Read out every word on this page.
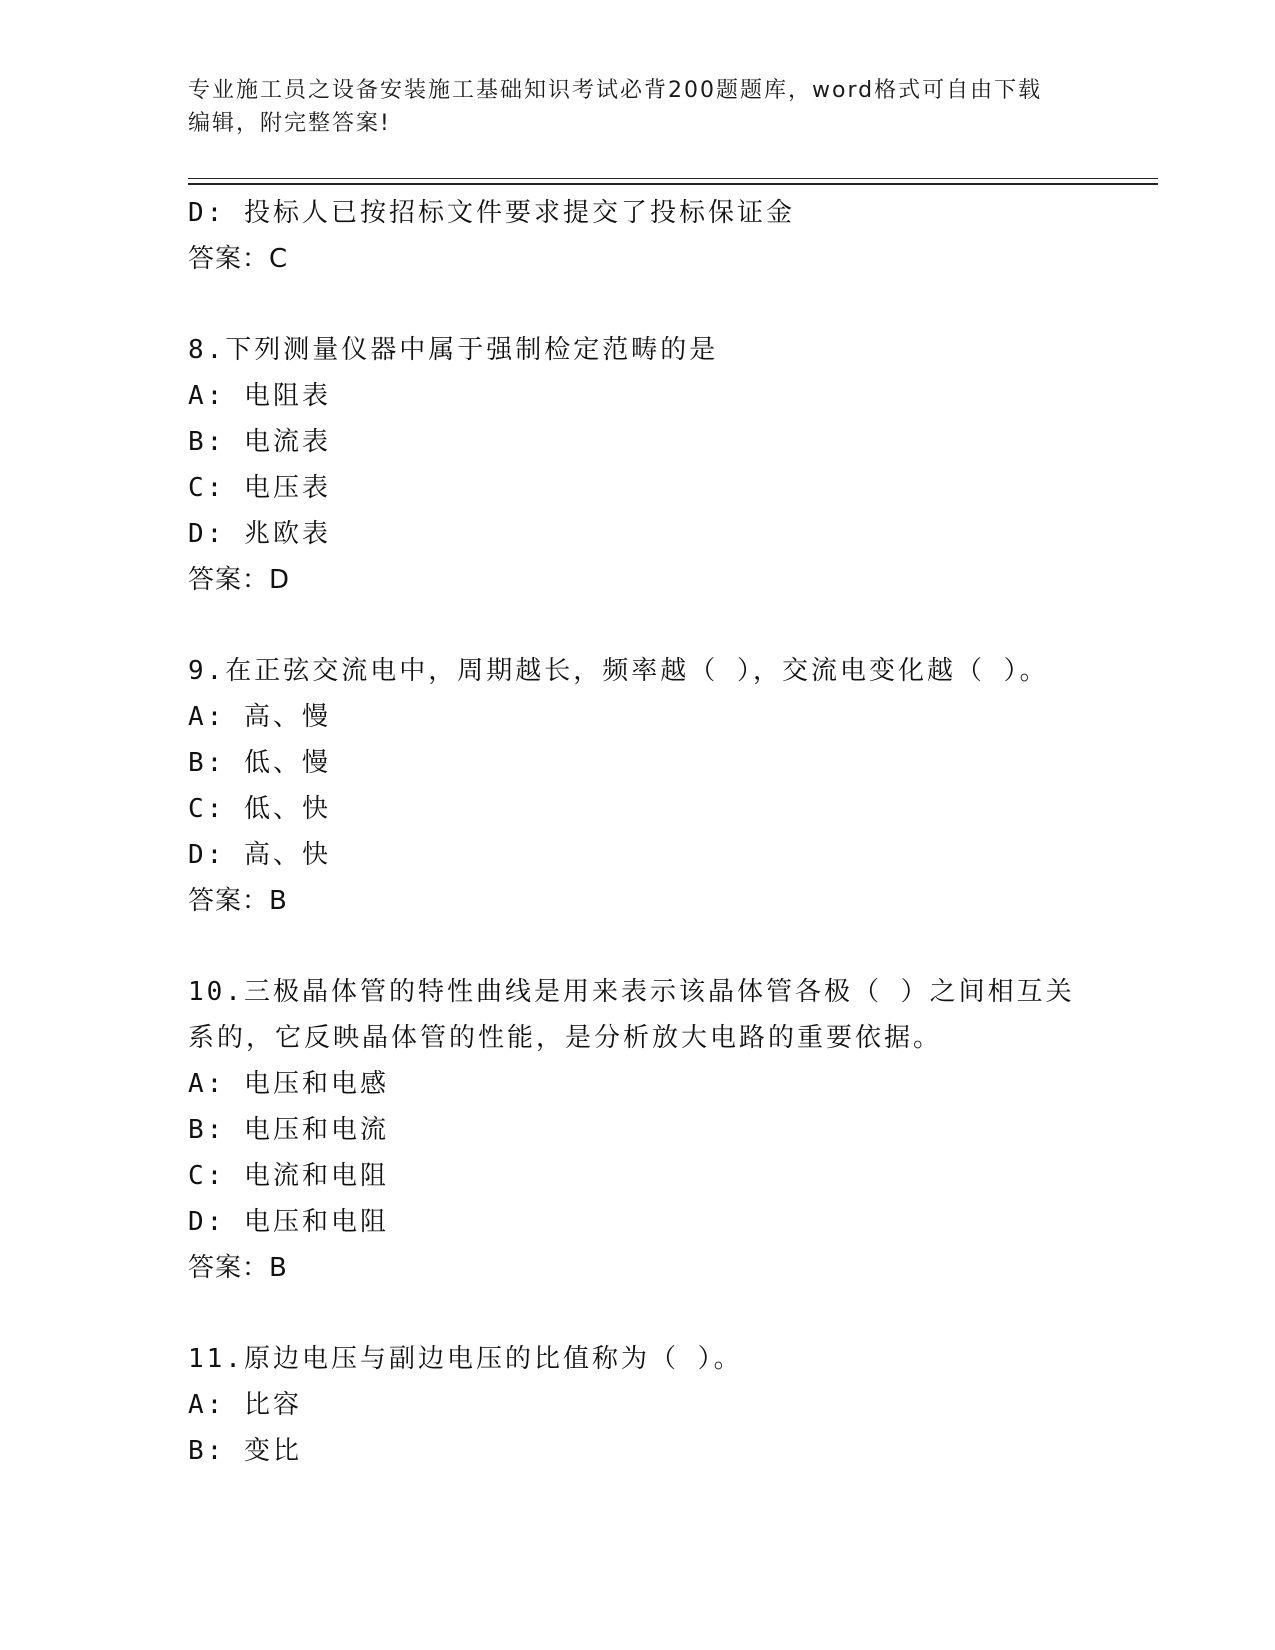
专业施工员之设备安装施工基础知识考试必背200题题库，word格式可自由下载
编辑，附完整答案!
D: 投标人已按招标文件要求提交了投标保证金
答案：C
8.下列测量仪器中属于强制检定范畴的是
A: 电阻表
B: 电流表
C: 电压表
D: 兆欧表
答案：D
9.在正弦交流电中，周期越长，频率越（ ），交流电变化越（ ）。
A: 高、慢
B: 低、慢
C: 低、快
D: 高、快
答案：B
10.三极晶体管的特性曲线是用来表示该晶体管各极（ ）之间相互关
系的，它反映晶体管的性能，是分析放大电路的重要依据。
A: 电压和电感
B: 电压和电流
C: 电流和电阻
D: 电压和电阻
答案：B
11.原边电压与副边电压的比值称为（ ）。
A: 比容
B: 变比
